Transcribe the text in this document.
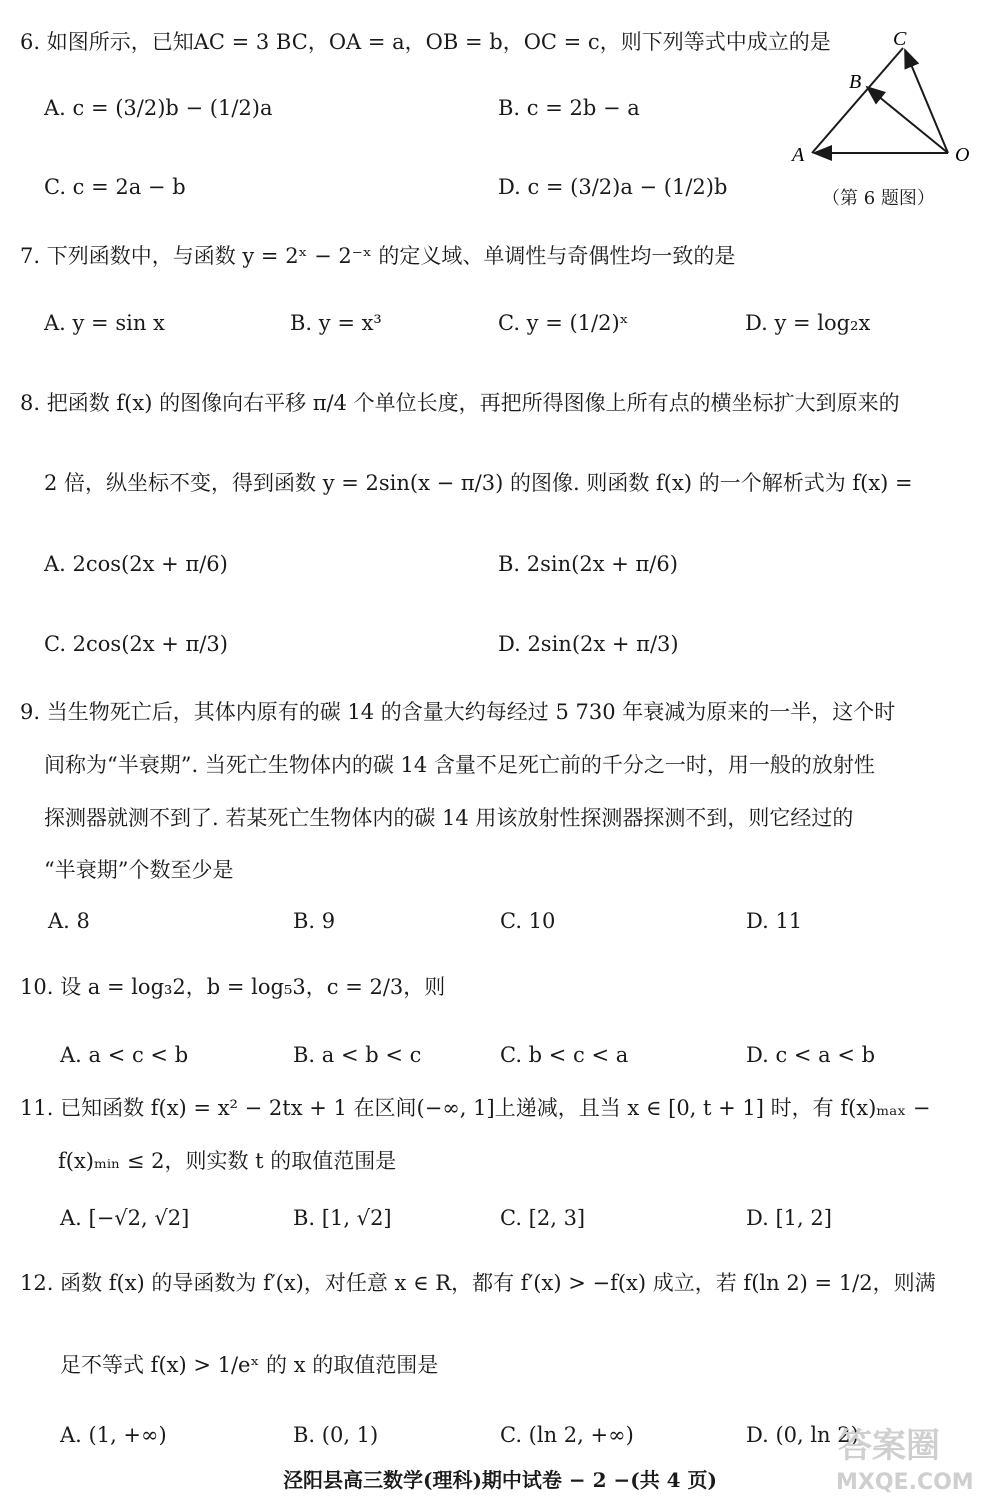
C
B
A	O
（第 6 题图）
6. 如图所示，已知AC = 3 BC，OA = a，OB = b，OC = c，则下列等式中成立的是
A. c = (3/2)b − (1/2)a	B. c = 2b − a
C. c = 2a − b	D. c = (3/2)a − (1/2)b
7. 下列函数中，与函数 y = 2ˣ − 2⁻ˣ 的定义域、单调性与奇偶性均一致的是
A. y = sin x	B. y = x³	C. y = (1/2)ˣ	D. y = log₂x
8. 把函数 f(x) 的图像向右平移 π/4 个单位长度，再把所得图像上所有点的横坐标扩大到原来的
2 倍，纵坐标不变，得到函数 y = 2sin(x − π/3) 的图像. 则函数 f(x) 的一个解析式为 f(x) =
A. 2cos(2x + π/6)	B. 2sin(2x + π/6)
C. 2cos(2x + π/3)	D. 2sin(2x + π/3)
9. 当生物死亡后，其体内原有的碳 14 的含量大约每经过 5 730 年衰减为原来的一半，这个时
间称为“半衰期”. 当死亡生物体内的碳 14 含量不足死亡前的千分之一时，用一般的放射性
探测器就测不到了. 若某死亡生物体内的碳 14 用该放射性探测器探测不到，则它经过的
“半衰期”个数至少是
A. 8	B. 9	C. 10	D. 11
10. 设 a = log₃2，b = log₅3，c = 2/3，则
A. a < c < b	B. a < b < c	C. b < c < a	D. c < a < b
11. 已知函数 f(x) = x² − 2tx + 1 在区间(−∞, 1]上递减，且当 x ∈ [0, t + 1] 时，有 f(x)ₘₐₓ −
f(x)ₘᵢₙ ≤ 2，则实数 t 的取值范围是
A. [−√2, √2]	B. [1, √2]	C. [2, 3]	D. [1, 2]
12. 函数 f(x) 的导函数为 f′(x)，对任意 x ∈ R，都有 f′(x) > −f(x) 成立，若 f(ln 2) = 1/2，则满
足不等式 f(x) > 1/eˣ 的 x 的取值范围是
A. (1, +∞)	B. (0, 1)	C. (ln 2, +∞)	D. (0, ln 2)
泾阳县高三数学(理科)期中试卷 − 2 −(共 4 页)
答案圈
MXQE.COM
